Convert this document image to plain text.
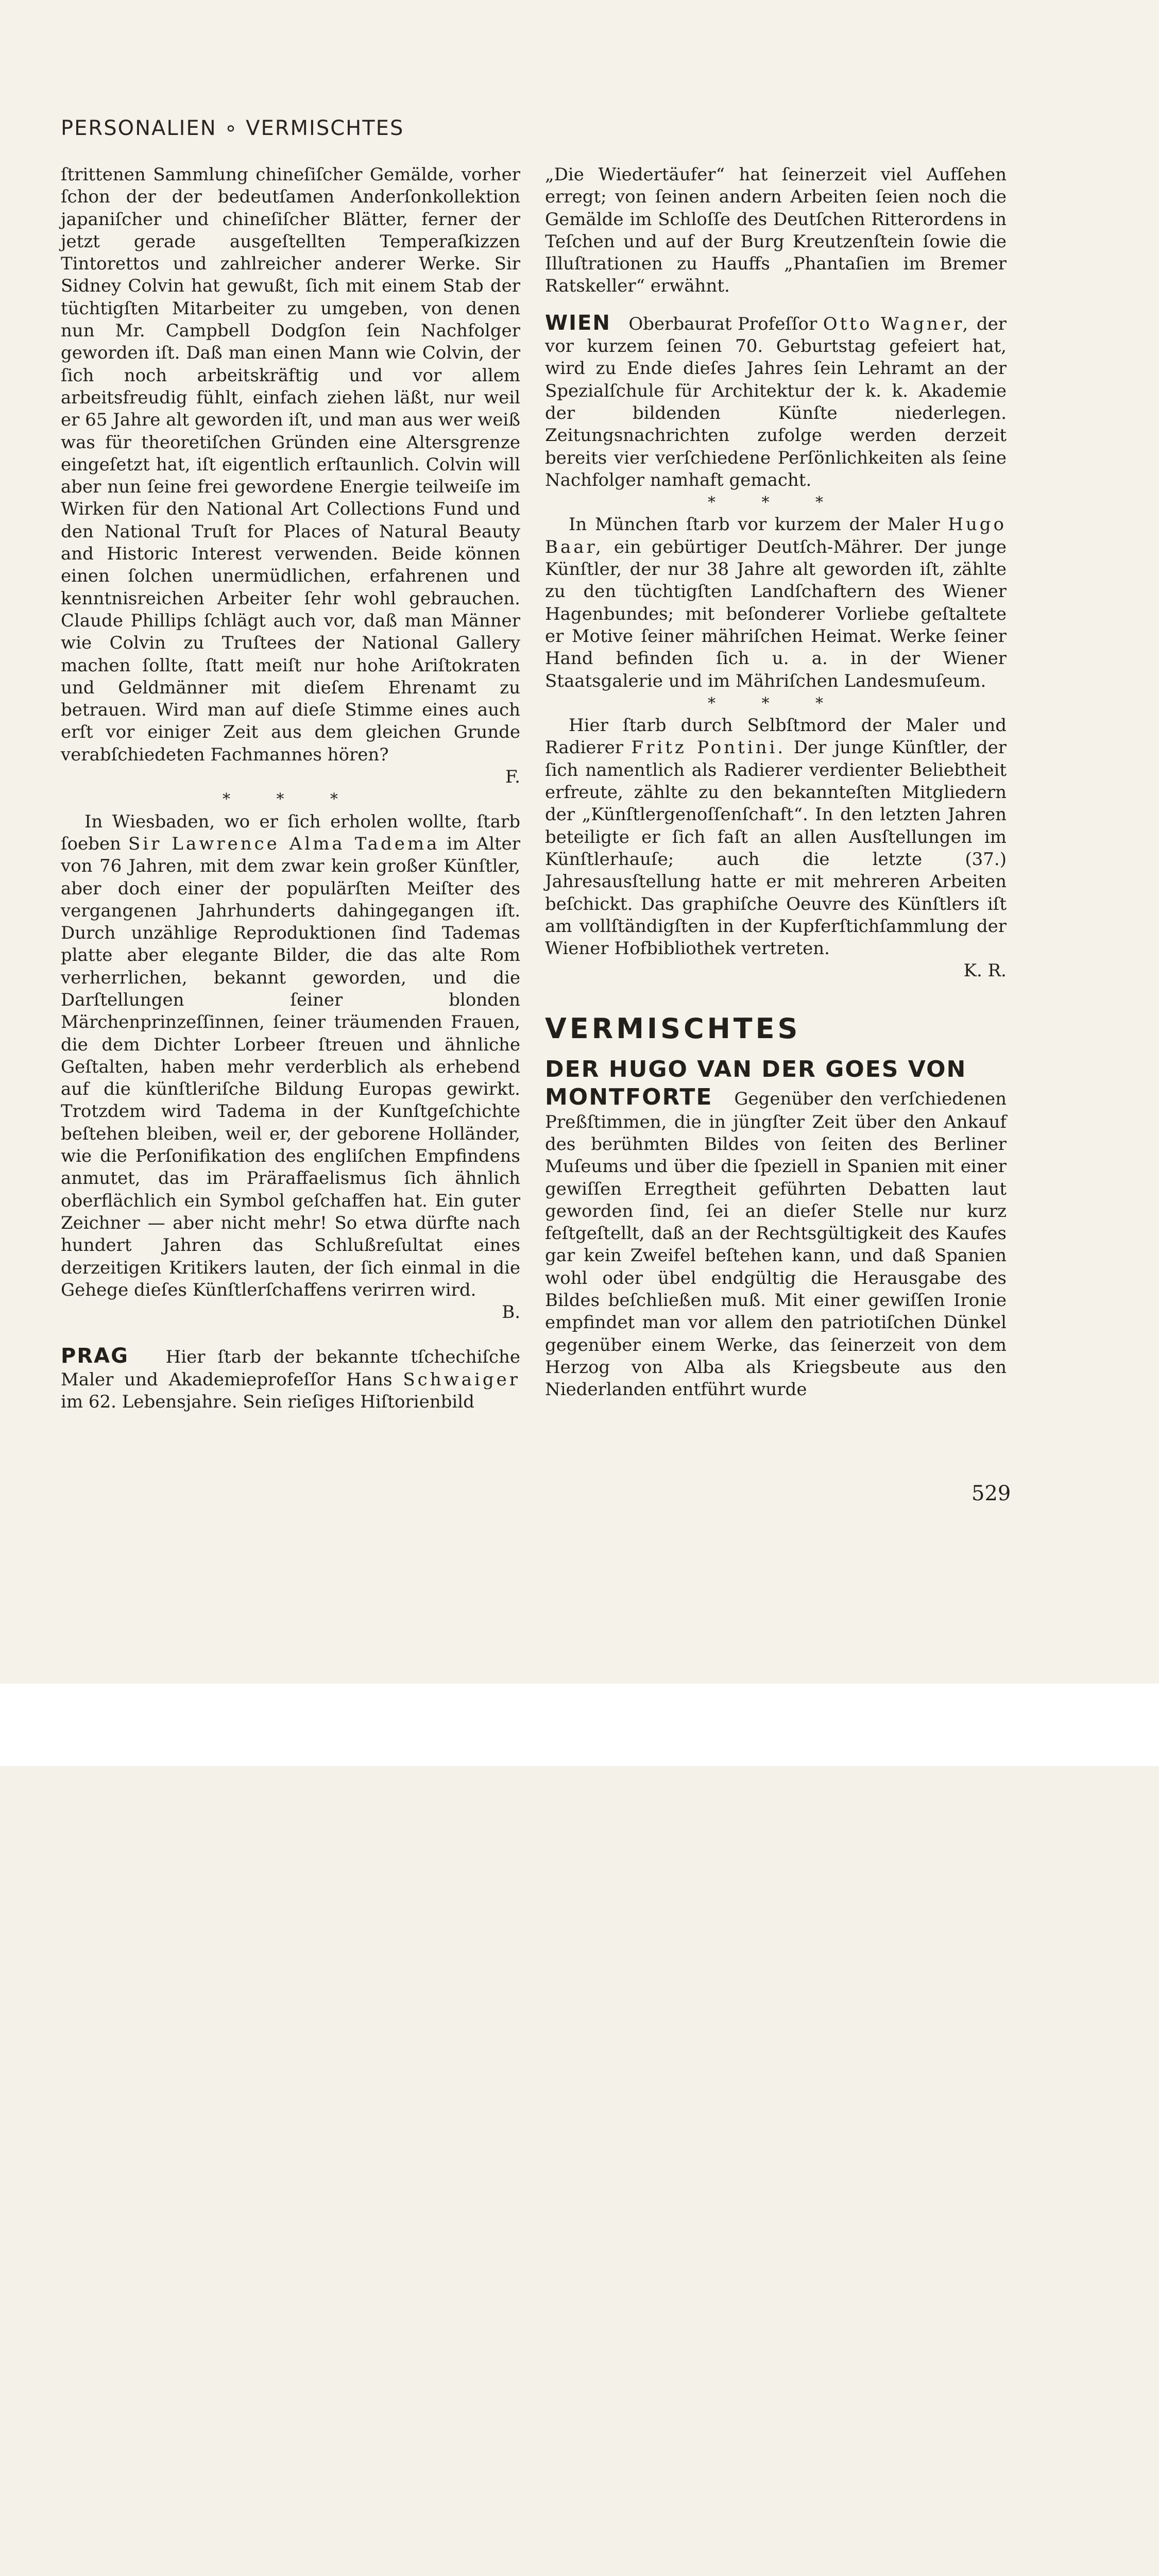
PERSONALIEN ∘ VERMISCHTES

ſtrittenen Sammlung chineſiſcher Gemälde, vorher ſchon der der bedeutſamen Anderſonkollektion japaniſcher und chineſiſcher Blätter, ferner der jetzt gerade ausgeſtellten Temperaſkizzen Tintorettos und zahlreicher anderer Werke. Sir Sidney Colvin hat gewußt, ſich mit einem Stab der tüchtigſten Mitarbeiter zu umgeben, von denen nun Mr. Campbell Dodgſon ſein Nachfolger geworden iſt. Daß man einen Mann wie Colvin, der ſich noch arbeitskräftig und vor allem arbeitsfreudig fühlt, einfach ziehen läßt, nur weil er 65 Jahre alt geworden iſt, und man aus wer weiß was für theoretiſchen Gründen eine Altersgrenze eingeſetzt hat, iſt eigentlich erſtaunlich. Colvin will aber nun ſeine frei gewordene Energie teilweiſe im Wirken für den National Art Collections Fund und den National Truſt for Places of Natural Beauty and Historic Interest verwenden. Beide können einen ſolchen unermüdlichen, erfahrenen und kenntnisreichen Arbeiter ſehr wohl gebrauchen. Claude Phillips ſchlägt auch vor, daß man Männer wie Colvin zu Truſtees der National Gallery machen ſollte, ſtatt meiſt nur hohe Ariſtokraten und Geldmänner mit dieſem Ehrenamt zu betrauen. Wird man auf dieſe Stimme eines auch erſt vor einiger Zeit aus dem gleichen Grunde verabſchiedeten Fachmannes hören?
F.

* * *

In Wiesbaden, wo er ſich erholen wollte, ſtarb ſoeben Sir Lawrence Alma Tadema im Alter von 76 Jahren, mit dem zwar kein großer Künſtler, aber doch einer der populärſten Meiſter des vergangenen Jahrhunderts dahingegangen iſt. Durch unzählige Reproduktionen ſind Tademas platte aber elegante Bilder, die das alte Rom verherrlichen, bekannt geworden, und die Darſtellungen ſeiner blonden Märchenprinzeſſinnen, ſeiner träumenden Frauen, die dem Dichter Lorbeer ſtreuen und ähnliche Geſtalten, haben mehr verderblich als erhebend auf die künſtleriſche Bildung Europas gewirkt. Trotzdem wird Tadema in der Kunſtgeſchichte beſtehen bleiben, weil er, der geborene Holländer, wie die Perſonifikation des engliſchen Empfindens anmutet, das im Präraffaelismus ſich ähnlich oberflächlich ein Symbol geſchaffen hat. Ein guter Zeichner — aber nicht mehr! So etwa dürfte nach hundert Jahren das Schlußreſultat eines derzeitigen Kritikers lauten, der ſich einmal in die Gehege dieſes Künſtlerſchaffens verirren wird.
B.

PRAG Hier ſtarb der bekannte tſchechiſche Maler und Akademieprofeſſor Hans Schwaiger im 62. Lebensjahre. Sein rieſiges Hiſtorienbild

„Die Wiedertäufer“ hat ſeinerzeit viel Aufſehen erregt; von ſeinen andern Arbeiten ſeien noch die Gemälde im Schloſſe des Deutſchen Ritterordens in Teſchen und auf der Burg Kreutzenſtein ſowie die Illuſtrationen zu Hauffs „Phantaſien im Bremer Ratskeller“ erwähnt.

WIEN Oberbaurat Profeſſor Otto Wagner, der vor kurzem ſeinen 70. Geburtstag gefeiert hat, wird zu Ende dieſes Jahres ſein Lehramt an der Spezialſchule für Architektur der k. k. Akademie der bildenden Künſte niederlegen. Zeitungsnachrichten zufolge werden derzeit bereits vier verſchiedene Perſönlichkeiten als ſeine Nachfolger namhaft gemacht.

* * *

In München ſtarb vor kurzem der Maler Hugo Baar, ein gebürtiger Deutſch-Mährer. Der junge Künſtler, der nur 38 Jahre alt geworden iſt, zählte zu den tüchtigſten Landſchaftern des Wiener Hagenbundes; mit beſonderer Vorliebe geſtaltete er Motive ſeiner mähriſchen Heimat. Werke ſeiner Hand befinden ſich u. a. in der Wiener Staatsgalerie und im Mähriſchen Landesmuſeum.

* * *

Hier ſtarb durch Selbſtmord der Maler und Radierer Fritz Pontini. Der junge Künſtler, der ſich namentlich als Radierer verdienter Beliebtheit erfreute, zählte zu den bekannteſten Mitgliedern der „Künſtlergenoſſenſchaft“. In den letzten Jahren beteiligte er ſich faſt an allen Ausſtellungen im Künſtlerhauſe; auch die letzte (37.) Jahresausſtellung hatte er mit mehreren Arbeiten beſchickt. Das graphiſche Oeuvre des Künſtlers iſt am vollſtändigſten in der Kupferſtichſammlung der Wiener Hofbibliothek vertreten.
K. R.

VERMISCHTES
DER HUGO VAN DER GOES VON

MONTFORTE Gegenüber den verſchiedenen Preßſtimmen, die in jüngſter Zeit über den Ankauf des berühmten Bildes von ſeiten des Berliner Muſeums und über die ſpeziell in Spanien mit einer gewiſſen Erregtheit geführten Debatten laut geworden ſind, ſei an dieſer Stelle nur kurz feſtgeſtellt, daß an der Rechtsgültigkeit des Kaufes gar kein Zweifel beſtehen kann, und daß Spanien wohl oder übel endgültig die Herausgabe des Bildes beſchließen muß. Mit einer gewiſſen Ironie empfindet man vor allem den patriotiſchen Dünkel gegenüber einem Werke, das ſeinerzeit von dem Herzog von Alba als Kriegsbeute aus den Niederlanden entführt wurde

529
